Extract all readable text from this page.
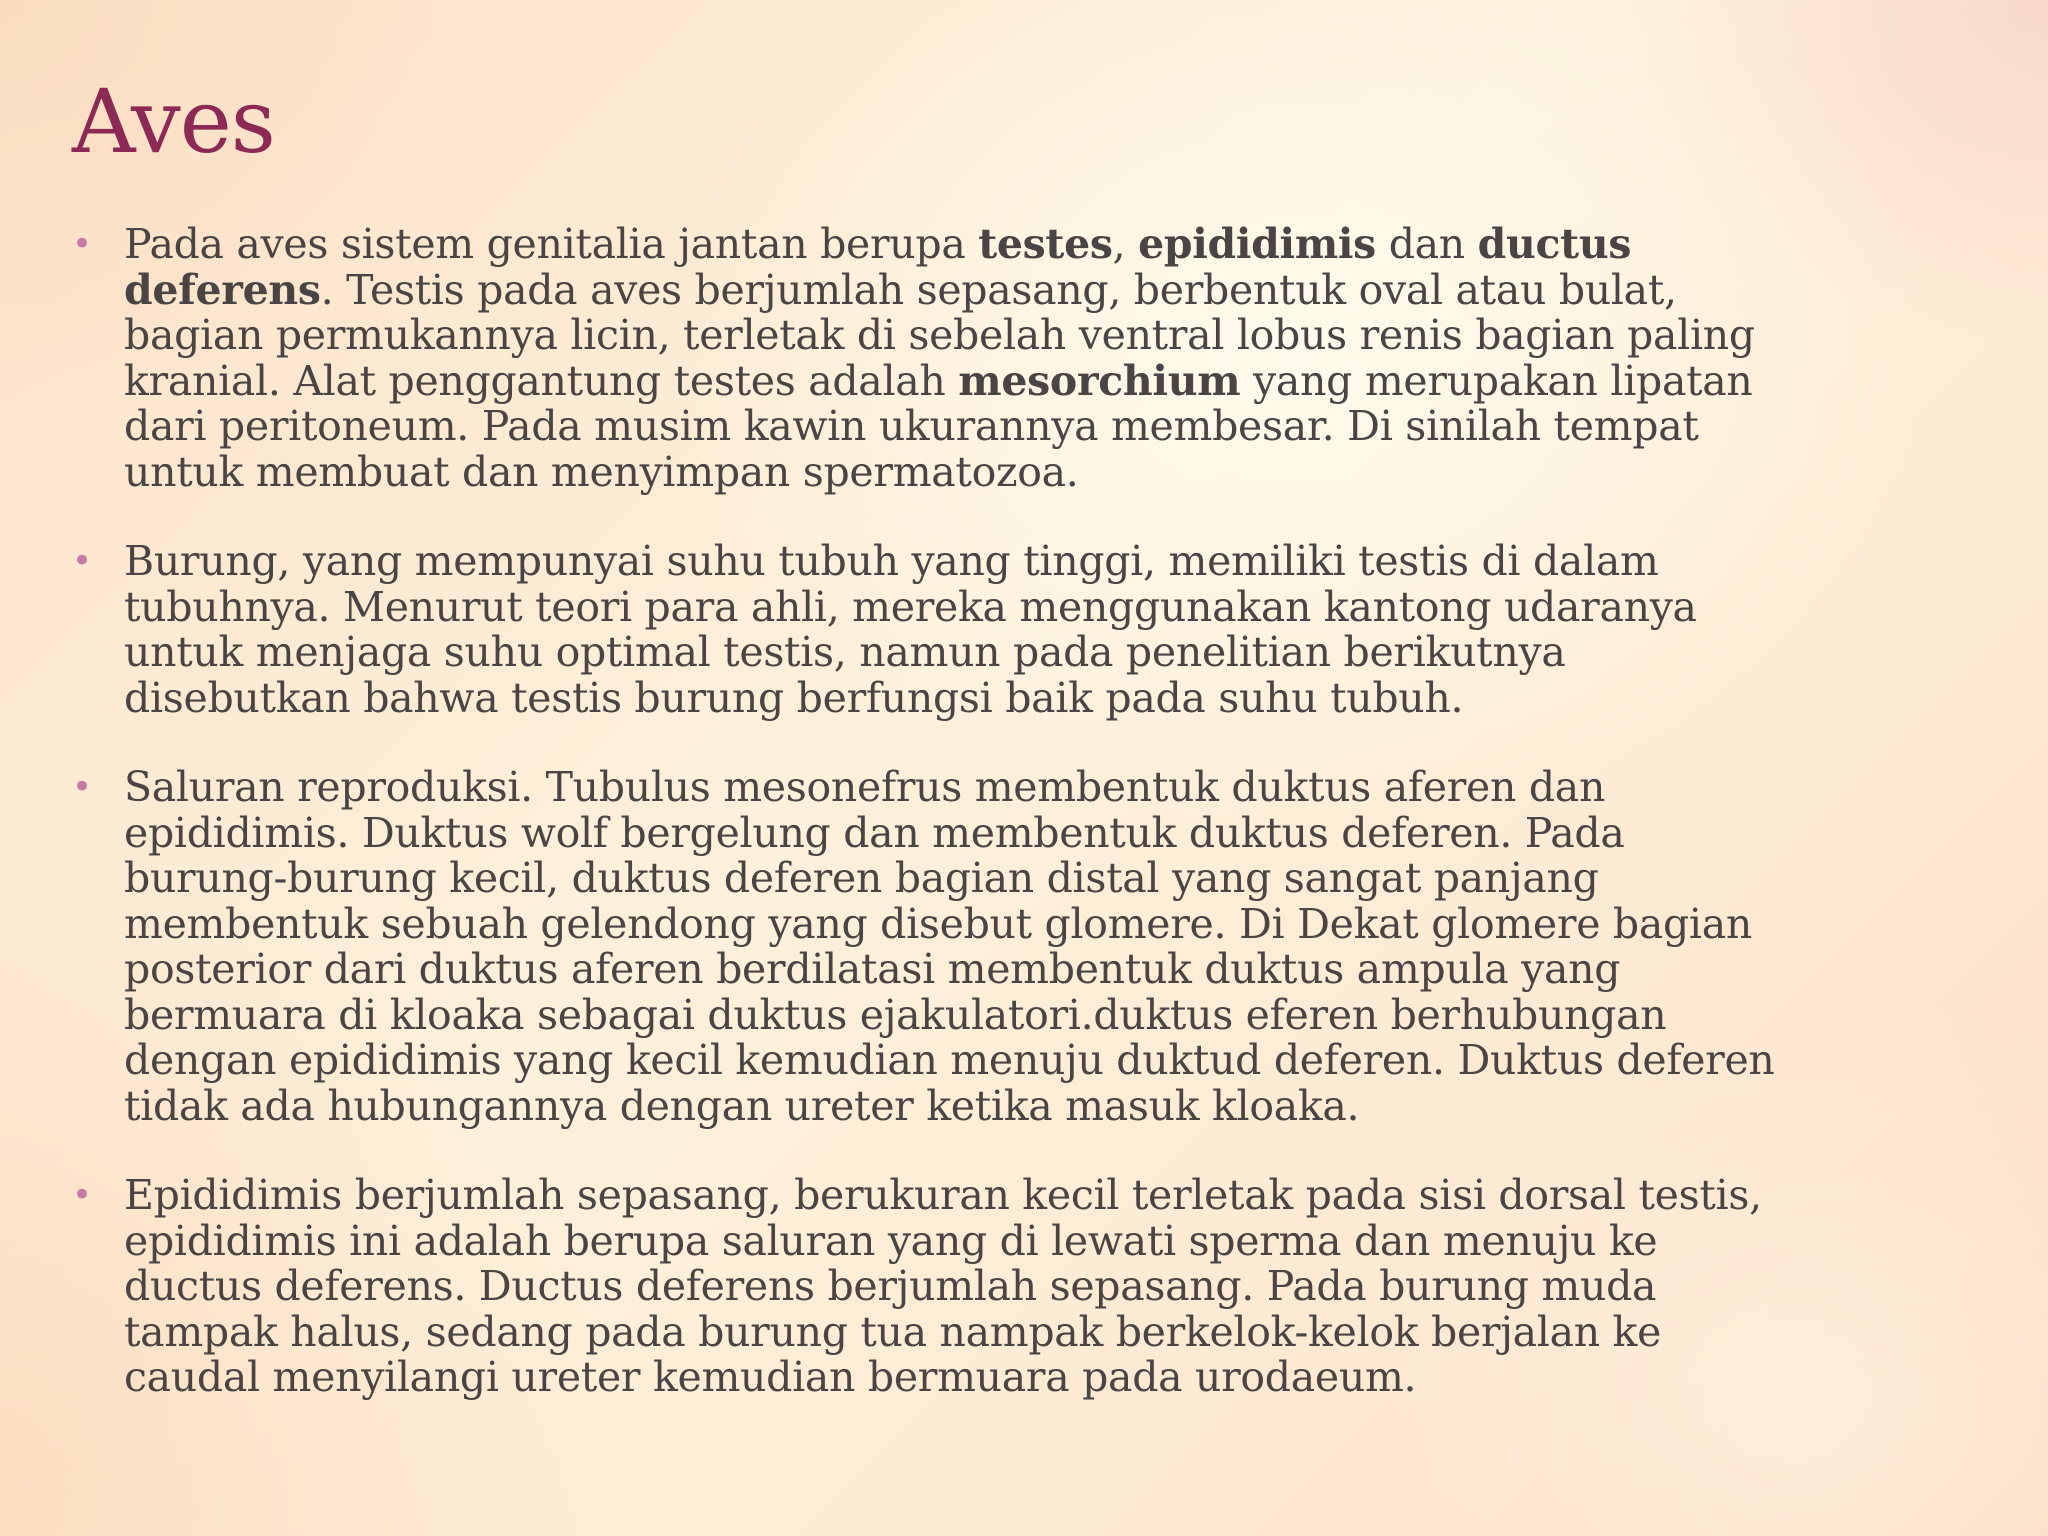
Aves
• Pada aves sistem genitalia jantan berupa testes, epididimis dan ductus
deferens. Testis pada aves berjumlah sepasang, berbentuk oval atau bulat,
bagian permukannya licin, terletak di sebelah ventral lobus renis bagian paling
kranial. Alat penggantung testes adalah mesorchium yang merupakan lipatan
dari peritoneum. Pada musim kawin ukurannya membesar. Di sinilah tempat
untuk membuat dan menyimpan spermatozoa.
• Burung, yang mempunyai suhu tubuh yang tinggi, memiliki testis di dalam
tubuhnya. Menurut teori para ahli, mereka menggunakan kantong udaranya
untuk menjaga suhu optimal testis, namun pada penelitian berikutnya
disebutkan bahwa testis burung berfungsi baik pada suhu tubuh.
• Saluran reproduksi. Tubulus mesonefrus membentuk duktus aferen dan
epididimis. Duktus wolf bergelung dan membentuk duktus deferen. Pada
burung-burung kecil, duktus deferen bagian distal yang sangat panjang
membentuk sebuah gelendong yang disebut glomere. Di Dekat glomere bagian
posterior dari duktus aferen berdilatasi membentuk duktus ampula yang
bermuara di kloaka sebagai duktus ejakulatori.duktus eferen berhubungan
dengan epididimis yang kecil kemudian menuju duktud deferen. Duktus deferen
tidak ada hubungannya dengan ureter ketika masuk kloaka.
• Epididimis berjumlah sepasang, berukuran kecil terletak pada sisi dorsal testis,
epididimis ini adalah berupa saluran yang di lewati sperma dan menuju ke
ductus deferens. Ductus deferens berjumlah sepasang. Pada burung muda
tampak halus, sedang pada burung tua nampak berkelok-kelok berjalan ke
caudal menyilangi ureter kemudian bermuara pada urodaeum.
